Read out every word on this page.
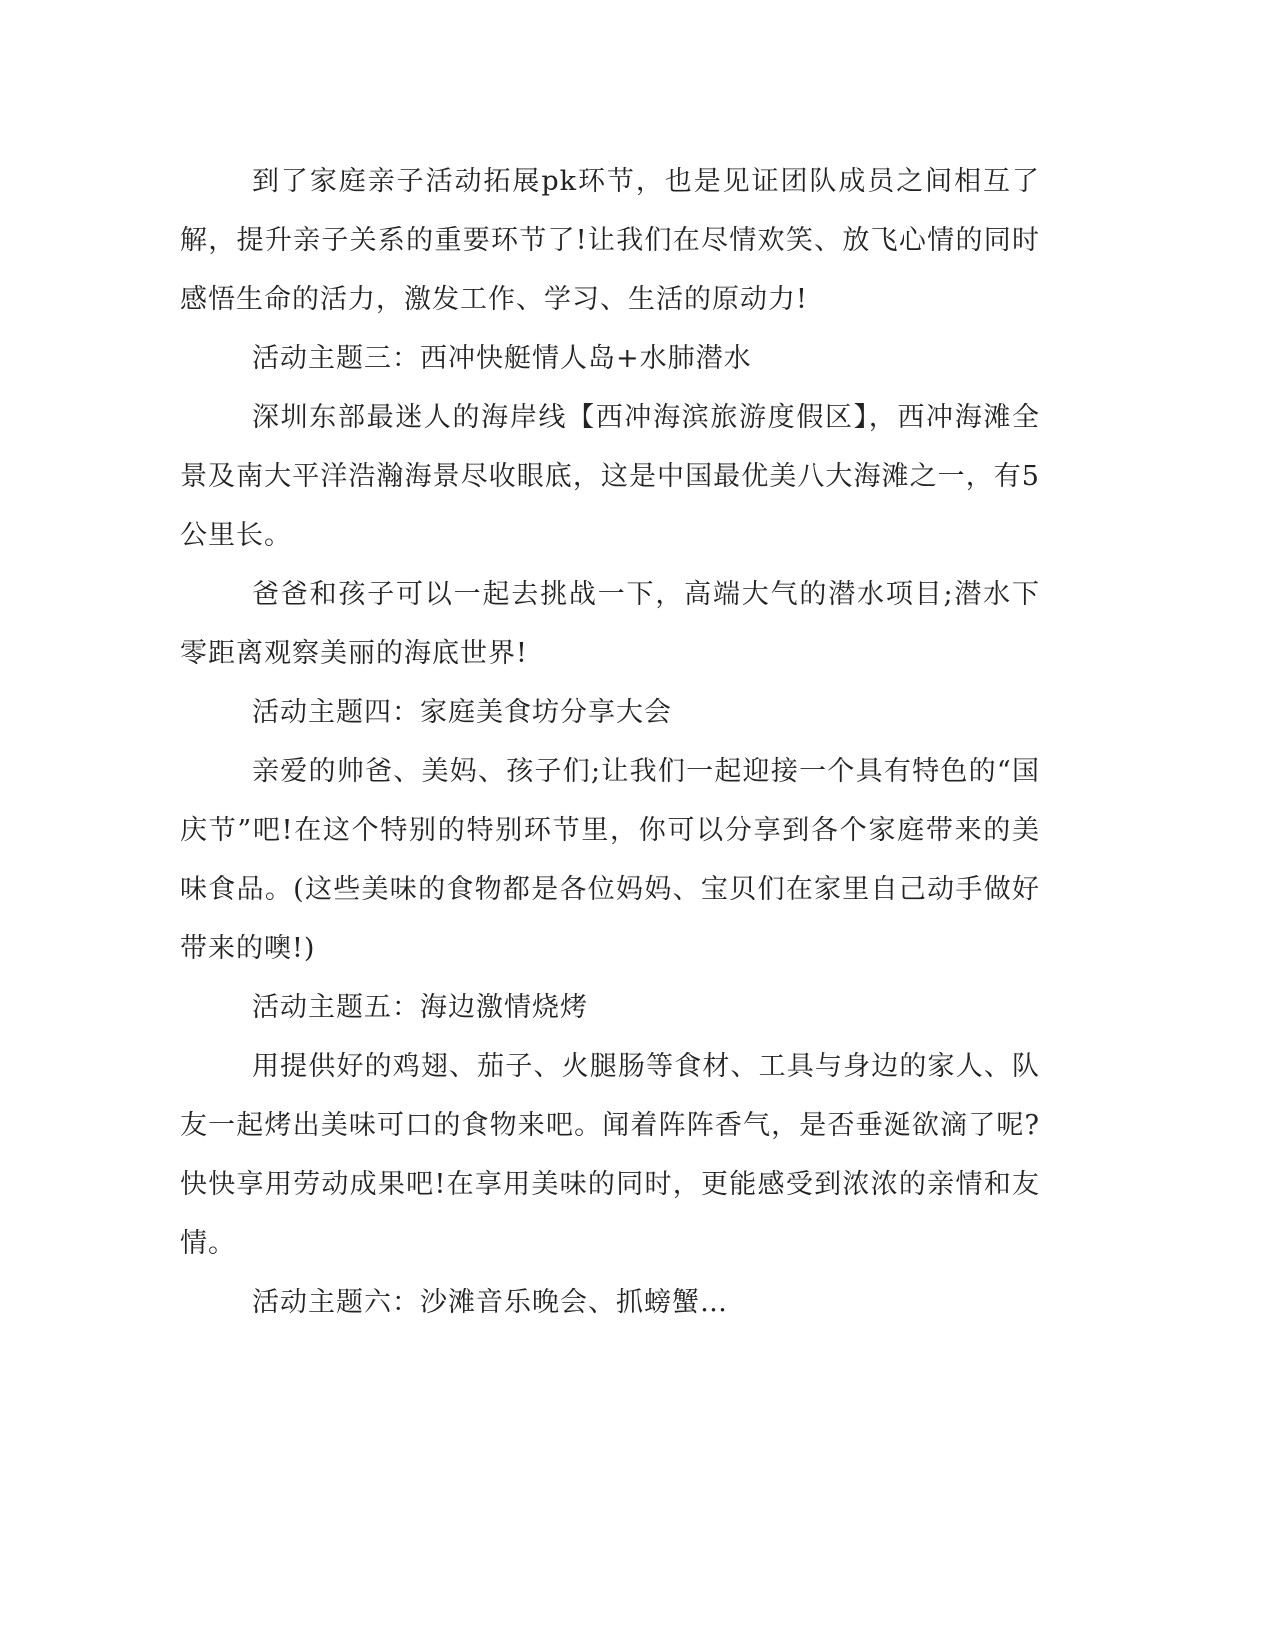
到了家庭亲子活动拓展pk环节，也是见证团队成员之间相互了解，提升亲子关系的重要环节了!让我们在尽情欢笑、放飞心情的同时感悟生命的活力，激发工作、学习、生活的原动力!

活动主题三：西冲快艇情人岛+水肺潜水

深圳东部最迷人的海岸线【西冲海滨旅游度假区】，西冲海滩全景及南大平洋浩瀚海景尽收眼底，这是中国最优美八大海滩之一，有5公里长。

爸爸和孩子可以一起去挑战一下，高端大气的潜水项目;潜水下零距离观察美丽的海底世界!

活动主题四：家庭美食坊分享大会

亲爱的帅爸、美妈、孩子们;让我们一起迎接一个具有特色的“国庆节”吧!在这个特别的特别环节里，你可以分享到各个家庭带来的美味食品。(这些美味的食物都是各位妈妈、宝贝们在家里自己动手做好带来的噢!)

活动主题五：海边激情烧烤

用提供好的鸡翅、茄子、火腿肠等食材、工具与身边的家人、队友一起烤出美味可口的食物来吧。闻着阵阵香气，是否垂涎欲滴了呢?快快享用劳动成果吧!在享用美味的同时，更能感受到浓浓的亲情和友情。

活动主题六：沙滩音乐晚会、抓螃蟹…
